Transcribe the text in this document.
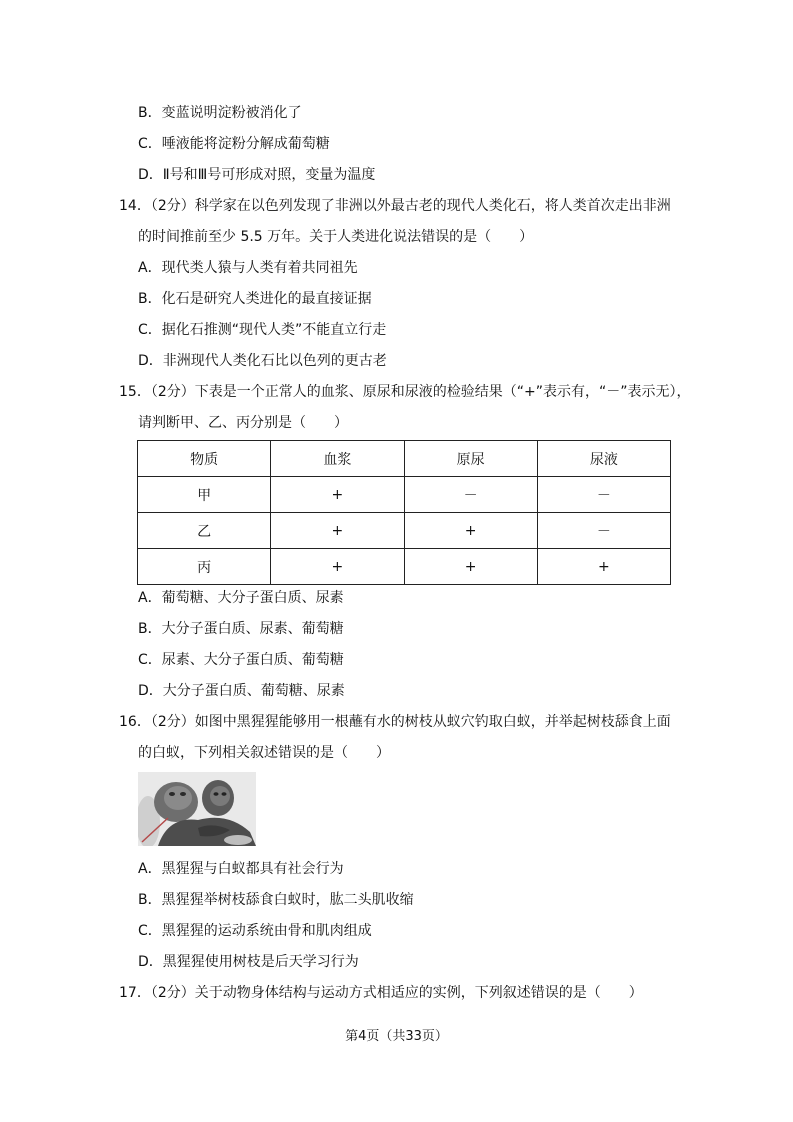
B．变蓝说明淀粉被消化了
C．唾液能将淀粉分解成葡萄糖
D．Ⅱ号和Ⅲ号可形成对照，变量为温度
14．（2分）科学家在以色列发现了非洲以外最古老的现代人类化石，将人类首次走出非洲
的时间推前至少 5.5 万年。关于人类进化说法错误的是（　　）
A．现代类人猿与人类有着共同祖先
B．化石是研究人类进化的最直接证据
C．据化石推测“现代人类”不能直立行走
D．非洲现代人类化石比以色列的更古老
15．（2分）下表是一个正常人的血浆、原尿和尿液的检验结果（“+”表示有，“－”表示无），
请判断甲、乙、丙分别是（　　）
物质	血浆	原尿	尿液
甲	+	－	－
乙	+	+	－
丙	+	+	+
A．葡萄糖、大分子蛋白质、尿素
B．大分子蛋白质、尿素、葡萄糖
C．尿素、大分子蛋白质、葡萄糖
D．大分子蛋白质、葡萄糖、尿素
16．（2分）如图中黑猩猩能够用一根蘸有水的树枝从蚁穴钓取白蚁，并举起树枝舔食上面
的白蚁，下列相关叙述错误的是（　　）
A．黑猩猩与白蚁都具有社会行为
B．黑猩猩举树枝舔食白蚁时，肱二头肌收缩
C．黑猩猩的运动系统由骨和肌肉组成
D．黑猩猩使用树枝是后天学习行为
17．（2分）关于动物身体结构与运动方式相适应的实例，下列叙述错误的是（　　）
第4页（共33页）
